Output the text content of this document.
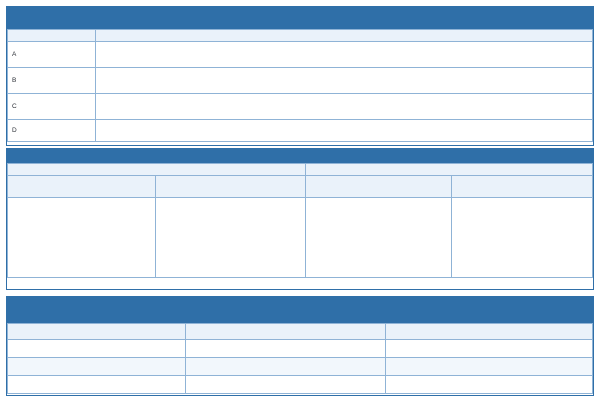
A	
B	
C	
D	
